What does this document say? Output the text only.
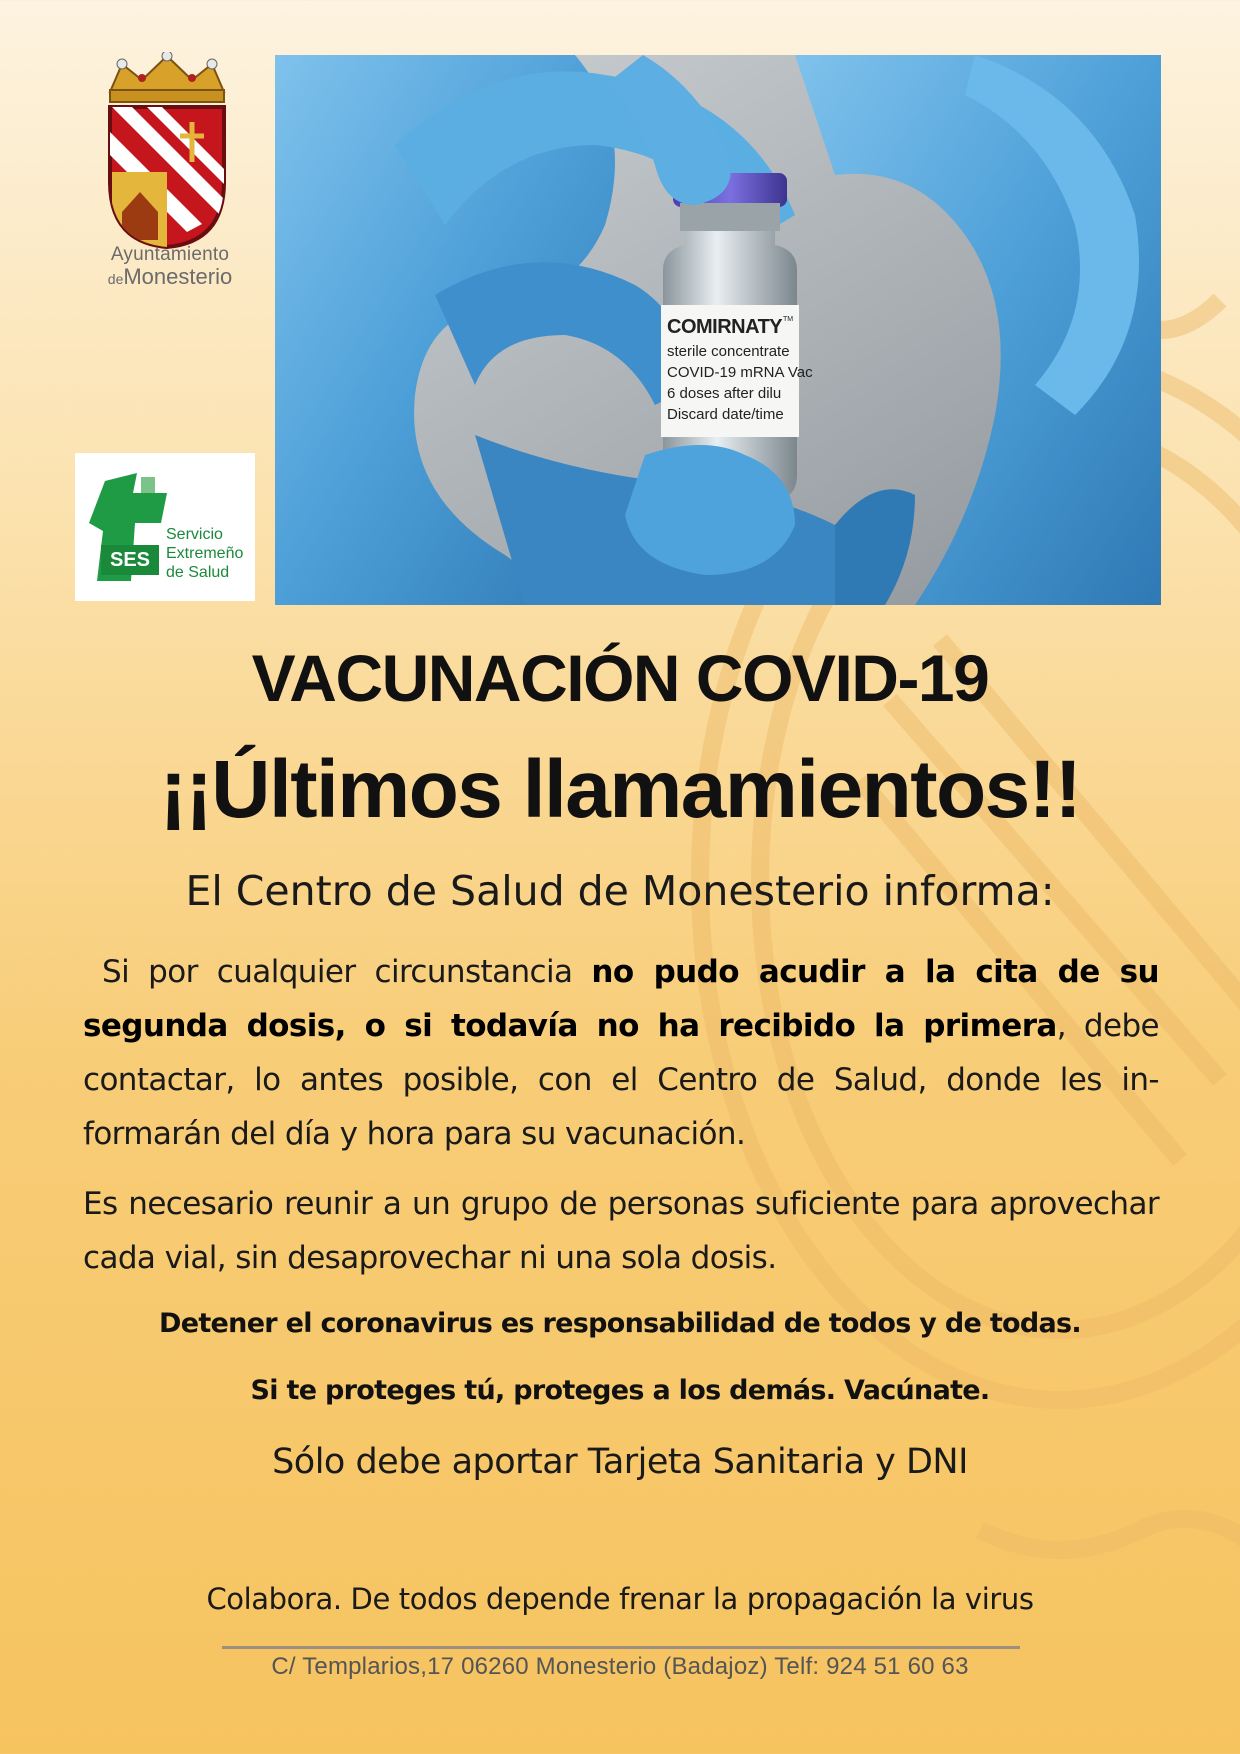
Ayuntamiento
deMonesterio
SES
Servicio
Extremeño
de Salud
COMIRNATY TM
sterile concentrate
COVID-19 mRNA Vac
6 doses after dilu
Discard date/time
VACUNACIÓN COVID-19
¡¡Últimos llamamientos!!
El Centro de Salud de Monesterio informa:
Si por cualquier circunstancia no pudo acudir a la cita de su segunda dosis, o si todavía no ha recibido la primera, debe contactar, lo antes posible, con el Centro de Salud, donde les in- formarán del día y hora para su vacunación.
Es necesario reunir a un grupo de personas suficiente para aprovechar cada vial, sin desaprovechar ni una sola dosis.
Detener el coronavirus es responsabilidad de todos y de todas.
Si te proteges tú, proteges a los demás. Vacúnate.
Sólo debe aportar Tarjeta Sanitaria y DNI
Colabora. De todos depende frenar la propagación la virus
C/ Templarios,17 06260 Monesterio (Badajoz) Telf: 924 51 60 63
